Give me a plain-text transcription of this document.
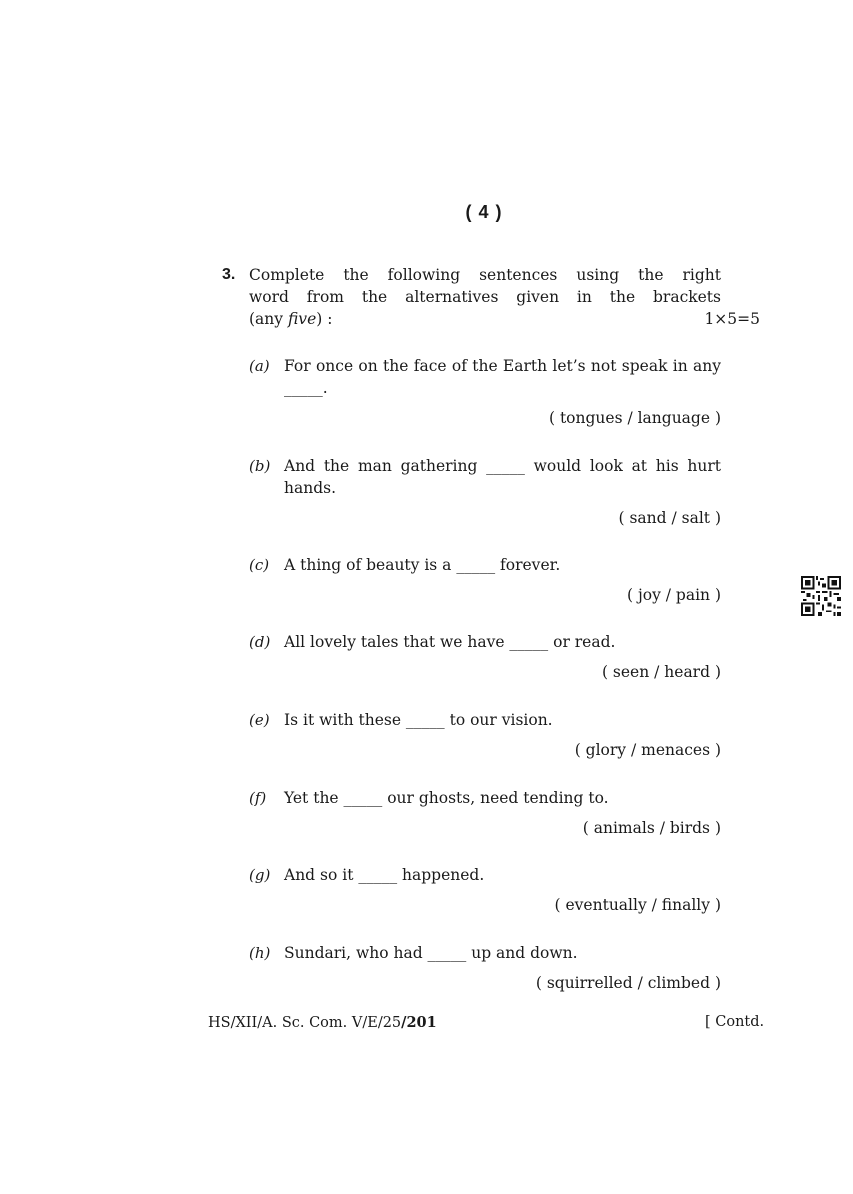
( 4 )
3. Complete the following sentences using the right
word from the alternatives given in the brackets
(any five) :	1×5=5
(a) For once on the face of the Earth let’s not speak in any _____.
( tongues / language )
(b) And the man gathering _____ would look at his hurt hands.
( sand / salt )
(c) A thing of beauty is a _____ forever.
( joy / pain )
(d) All lovely tales that we have _____ or read.
( seen / heard )
(e) Is it with these _____ to our vision.
( glory / menaces )
(f)	Yet the _____ our ghosts, need tending to.
( animals / birds )
(g) And so it _____ happened.
( eventually / finally )
(h) Sundari, who had _____ up and down.
( squirrelled / climbed )
HS/XII/A. Sc. Com. V/E/25/201	[ Contd.
